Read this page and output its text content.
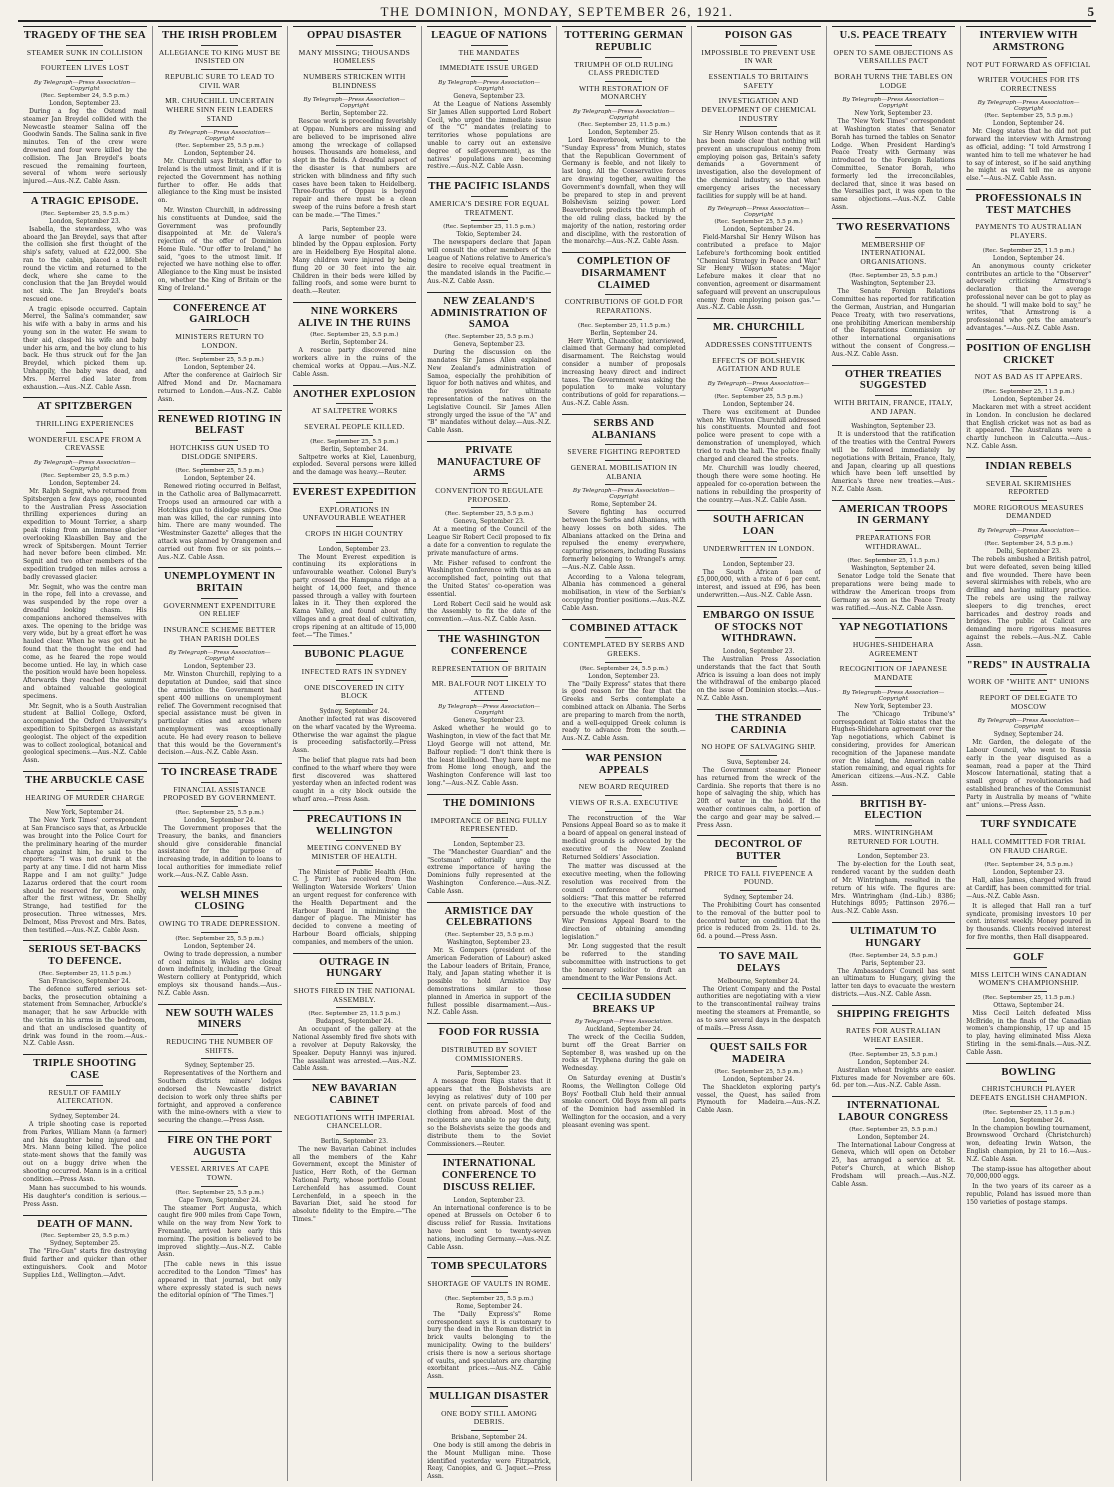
THE DOMINION, MONDAY, SEPTEMBER 26, 1921.	5
TRAGEDY OF THE SEA
STEAMER SUNK IN COLLISION
FOURTEEN LIVES LOST
By Telegraph—Press Association—Copyright
(Rec. September 24, 5.5 p.m.)
London, September 23.

During a fog the Ostend mail steamer Jan Breydel collided with the Newcastle steamer Salina off the Goodwin Sands. The Salina sank in five minutes. Ten of the crew were drowned and four were killed by the collision. The Jan Breydel's boats rescued the remaining fourteen, several of whom were seriously injured.—Aus.-N.Z. Cable Assn.

A TRAGIC EPISODE.
(Rec. September 25, 5.5 p.m.)
London, September 23.

Isabella, the stewardess, who was aboard the Jan Breydel, says that after the collision she first thought of the ship's safety, valued at £22,000. She ran to the cabin, placed a lifebelt round the victim and returned to the deck, where she came to the conclusion that the Jan Breydel would not sink. The Jan Breydel's boats rescued one.

A tragic episode occurred. Captain Merrel, the Salina's commander, saw his wife with a baby in arms and his young son in the water. He swam to their aid, clasped his wife and baby under his arm, and the boy clung to his back. He thus struck out for the Jan Breydel, which picked them up. Unhappily, the baby was dead, and Mrs. Merrel died later from exhaustion.—Aus.-N.Z. Cable Assn.

AT SPITZBERGEN
THRILLING EXPERIENCES
WONDERFUL ESCAPE FROM A CREVASSE
By Telegraph—Press Association—Copyright
(Rec. September 25, 5.5 p.m.)
London, September 24.

Mr. Ralph Segnit, who returned from Spitsbergen a few days ago, recounted to the Australian Press Association thrilling experiences during an expedition to Mount Terrier, a sharp peak rising from an immense glacier overlooking Klaasbillen Bay and the wreck of Spitsbergen. Mount Terrier had never before been climbed. Mr. Segnit and two other members of the expedition trudged ten miles across a badly crevassed glacier.

Mr. Segnit, who was the centre man in the rope, fell into a crevasse, and was suspended by the rope over a dreadful looking chasm. His companions anchored themselves with axes. The opening to the bridge was very wide, but by a great effort he was hauled clear. When he was got out he found that the thought the end had come, as he feared the rope would become untied. He lay, in which case the position would have been hopeless. Afterwards they reached the summit and obtained valuable geological specimens.

Mr. Segnit, who is a South Australian student at Balliol College, Oxford, accompanied the Oxford University's expedition to Spitsbergen as assistant geologist. The object of the expedition was to collect zoological, botanical and geological specimens.—Aus.-N.Z. Cable Assn.

THE ARBUCKLE CASE
HEARING OF MURDER CHARGE
New York, September 24.

The New York Times' correspondent at San Francisco says that, as Arbuckle was brought into the Police Court for the preliminary hearing of the murder charge against him, he said to the reporters: "I was not drunk at the party at any time. I did not harm Miss Rappe and I am not guilty." Judge Lazarus ordered that the court room should be reserved for women only, after the first witness, Dr. Shelby Strange, had testified for the prosecution. Three witnesses, Mrs. Delmont, Miss Prevost and Mrs. Bates, then testified.—Aus.-N.Z. Cable Assn.

SERIOUS SET-BACKS TO DEFENCE.
(Rec. September 25, 11.5 p.m.)
San Francisco, September 24.

The defence suffered serious set-backs, the prosecution obtaining a statement from Semnacher, Arbuckle's manager, that he saw Arbuckle with the victim in his arms in the bedroom, and that an undisclosed quantity of drink was found in the room.—Aus.-N.Z. Cable Assn.

TRIPLE SHOOTING CASE
RESULT OF FAMILY ALTERCATION.
Sydney, September 24.

A triple shooting case is reported from Parkes, William Mann (a farmer) and his daughter being injured and Mrs. Mann being killed. The police state-ment shows that the family was out on a buggy drive when the shooting occurred. Mann is in a critical condition.—Press Assn.

Mann has succumbed to his wounds. His daughter's condition is serious.—Press Assn.

DEATH OF MANN.
(Rec. September 25, 5.5 p.m.)
Sydney, September 25.

The "Fire-Gun" starts fire destroying fluid farther and quicker than other extinguishers. Cook and Motor Supplies Ltd., Wellington.—Advt.

THE IRISH PROBLEM
ALLEGIANCE TO KING MUST BE INSISTED ON
REPUBLIC SURE TO LEAD TO CIVIL WAR
MR. CHURCHILL UNCERTAIN WHERE SINN FEIN LEADERS STAND
By Telegraph—Press Association—Copyright
(Rec. September 25, 5.5 p.m.)
London, September 24.

Mr. Churchill says Britain's offer to Ireland is the utmost limit, and if it is rejected the Government has nothing further to offer. He adds that allegiance to the King must be insisted on.

Mr. Winston Churchill, in addressing his constituents at Dundee, said the Government was profoundly disappointed at Mr. de Valera's rejection of the offer of Dominion Home Rule. "Our offer to Ireland," he said, "goes to the utmost limit. If rejected we have nothing else to offer. Allegiance to the King must be insisted on, whether the King of Britain or the King of Ireland."

CONFERENCE AT GAIRLOCH
MINISTERS RETURN TO LONDON.
(Rec. September 25, 5.5 p.m.)
London, September 24.

After the conference at Gairloch Sir Alfred Mond and Dr. Macnamara returned to London.—Aus.-N.Z. Cable Assn.

RENEWED RIOTING IN BELFAST
HOTCHKISS GUN USED TO DISLODGE SNIPERS.
(Rec. September 25, 5.5 p.m.)
London, September 24.

Renewed rioting occurred in Belfast, in the Catholic area of Ballymacarrett. Troops used an armoured car with a Hotchkiss gun to dislodge snipers. One man was killed, the car running into him. There are many wounded. The "Westminster Gazette" alleges that the attack was planned by Orangemen and carried out from five or six points.—Aus.-N.Z. Cable Assn.

UNEMPLOYMENT IN BRITAIN
GOVERNMENT EXPENDITURE ON RELIEF
INSURANCE SCHEME BETTER THAN PARISH DOLES
By Telegraph—Press Association—Copyright
London, September 23.

Mr. Winston Churchill, replying to a deputation at Dundee, said that since the armistice the Government had spent 400 millions on unemployment relief. The Government recognised that special assistance must be given in particular cities and areas where unemployment was exceptionally acute. He had every reason to believe that this would be the Government's decision.—Aus.-N.Z. Cable Assn.

TO INCREASE TRADE
FINANCIAL ASSISTANCE PROPOSED BY GOVERNMENT.
(Rec. September 25, 5.5 p.m.)
London, September 24.

The Government proposes that the Treasury, the banks, and financiers should give considerable financial assistance for the purpose of increasing trade, in addition to loans to local authorities for immediate relief work.—Aus.-N.Z. Cable Assn.

WELSH MINES CLOSING
OWING TO TRADE DEPRESSION.
(Rec. September 25, 5.5 p.m.)
London, September 24.

Owing to trade depression, a number of coal mines in Wales are closing down indefinitely, including the Great Western colliery at Pontypridd, which employs six thousand hands.—Aus.-N.Z. Cable Assn.

NEW SOUTH WALES MINERS
REDUCING THE NUMBER OF SHIFTS.
Sydney, September 25.

Representatives of the Northern and Southern districts miners' lodges endorsed the Newcastle district decision to work only three shifts per fortnight, and approved a conference with the mine-owners with a view to securing the change.—Press Assn.

FIRE ON THE PORT AUGUSTA
VESSEL ARRIVES AT CAPE TOWN.
(Rec. September 25, 5.5 p.m.)
Cape Town, September 24.

The steamer Port Augusta, which caught fire 900 miles from Cape Town, while on the way from New York to Fremantle, arrived here early this morning. The position is believed to be improved slightly.—Aus.-N.Z. Cable Assn.

[The cable news in this issue accredited to the London "Times" has appeared in that journal, but only where expressly stated is such news the editorial opinion of "The Times."]

OPPAU DISASTER
MANY MISSING; THOUSANDS HOMELESS
NUMBERS STRICKEN WITH BLINDNESS
By Telegraph—Press Association—Copyright
Berlin, September 22.

Rescue work is proceeding feverishly at Oppau. Numbers are missing and are believed to be imprisoned alive among the wreckage of collapsed houses. Thousands are homeless, and slept in the fields. A dreadful aspect of the disaster is that numbers are stricken with blindness and fifty such cases have been taken to Heidelberg. Three-fourths of Oppau is beyond repair and there must be a clean sweep of the ruins before a fresh start can be made.—"The Times."

Paris, September 23.

A large number of people were blinded by the Oppau explosion. Forty are in Heidelberg Eye Hospital alone. Many children were injured by being flung 20 or 30 feet into the air. Children in their beds were killed by falling roofs, and some were burnt to death.—Reuter.

NINE WORKERS ALIVE IN THE RUINS
(Rec. September 25, 5.5 p.m.)
Berlin, September 24.

A rescue party discovered nine workers alive in the ruins of the chemical works at Oppau.—Aus.-N.Z. Cable Assn.

ANOTHER EXPLOSION
AT SALTPETRE WORKS
SEVERAL PEOPLE KILLED.
(Rec. September 25, 5.5 p.m.)
Berlin, September 24.

Saltpetre works at Kiel, Lauenburg, exploded. Several persons were killed and the damage was heavy.—Reuter.

EVEREST EXPEDITION
EXPLORATIONS IN UNFAVOURABLE WEATHER
CROPS IN HIGH COUNTRY
London, September 23.

The Mount Everest expedition is continuing its explorations in unfavourable weather. Colonel Bury's party crossed the Hampuna ridge at a height of 14,000 feet, and thence passed through a valley with fourteen lakes in it. They then explored the Kama Valley, and found about fifty villages and a great deal of cultivation, crops ripening at an altitude of 15,000 feet.—"The Times."

BUBONIC PLAGUE
INFECTED RATS IN SYDNEY
ONE DISCOVERED IN CITY BLOCK
Sydney, September 24.

Another infected rat was discovered on the wharf vacated by the Wyreema. Otherwise the war against the plague is proceeding satisfactorily.—Press Assn.

The belief that plague rats had been confined to the wharf where they were first discovered was shattered yesterday when an infected rodent was caught in a city block outside the wharf area.—Press Assn.

PRECAUTIONS IN WELLINGTON
MEETING CONVENED BY MINISTER OF HEALTH.

The Minister of Public Health (Hon. C. J. Parr) has received from the Wellington Waterside Workers' Union an urgent request for conference with the Health Department and the Harbour Board in minimising the danger of plague. The Minister has decided to convene a meeting of Harbour Board officials, shipping companies, and members of the union.

OUTRAGE IN HUNGARY
SHOTS FIRED IN THE NATIONAL ASSEMBLY.
(Rec. September 25, 11.5 p.m.)
Budapest, September 24.

An occupant of the gallery at the National Assembly fired five shots with a revolver at Deputy Rakovsky, the Speaker. Deputy Hannyi was injured. The assailant was arrested.—Aus.-N.Z. Cable Assn.

NEW BAVARIAN CABINET
NEGOTIATIONS WITH IMPERIAL CHANCELLOR.
Berlin, September 23.

The new Bavarian Cabinet includes all the members of the Kahr Government, except the Minister of Justice, Herr Roth, of the German National Party, whose portfolio Count Lerchenfeld has assumed. Count Lerchenfeld, in a speech in the Bavarian Diet, said he stood for absolute fidelity to the Empire.—"The Times."

LEAGUE OF NATIONS
THE MANDATES
IMMEDIATE ISSUE URGED
By Telegraph—Press Association—Copyright
Geneva, September 23.

At the League of Nations Assembly Sir James Allen supported Lord Robert Cecil, who urged the immediate issue of the "C" mandates (relating to territories whose populations are unable to carry out an extensive degree of self-government), as the natives' populations are becoming restive.—Aus.-N.Z. Cable Assn.

THE PACIFIC ISLANDS
AMERICA'S DESIRE FOR EQUAL TREATMENT.
(Rec. September 25, 11.5 p.m.)
Tokio, September 24.

The newspapers declare that Japan will consult the other members of the League of Nations relative to America's desire to receive equal treatment in the mandated islands in the Pacific.—Aus.-N.Z. Cable Assn.

NEW ZEALAND'S ADMINISTRATION OF SAMOA
(Rec. September 25, 5.5 p.m.)
Geneva, September 23.

During the discussion on the mandates Sir James Allen explained New Zealand's administration of Samoa, especially the prohibition of liquor for both natives and whites, and the provision for ultimate representation of the natives on the Legislative Council. Sir James Allen strongly urged the issue of the "A" and "B" mandates without delay.—Aus.-N.Z. Cable Assn.

PRIVATE MANUFACTURE OF ARMS
CONVENTION TO REGULATE PROPOSED.
(Rec. September 25, 5.5 p.m.)
Geneva, September 23.

At a meeting of the Council of the League Sir Robert Cecil proposed to fix a date for a convention to regulate the private manufacture of arms.

Mr. Fisher refused to confront the Washington Conference with this as an accomplished fact, pointing out that the United States' co-operation was essential.

Lord Robert Cecil said he would ask the Assembly to fix the date of the convention.—Aus.-N.Z. Cable Assn.

THE WASHINGTON CONFERENCE
REPRESENTATION OF BRITAIN
MR. BALFOUR NOT LIKELY TO ATTEND
By Telegraph—Press Association—Copyright
Geneva, September 23.

Asked whether he would go to Washington, in view of the fact that Mr. Lloyd George will not attend, Mr. Balfour replied: "I don't think there is the least likelihood. They have kept me from Home long enough, and the Washington Conference will last too long."—Aus.-N.Z. Cable Assn.

THE DOMINIONS
IMPORTANCE OF BEING FULLY REPRESENTED.
London, September 23.

The "Manchester Guardian" and the "Scotsman" editorially urge the extreme importance of having the Dominions fully represented at the Washington Conference.—Aus.-N.Z. Cable Assn.

ARMISTICE DAY CELEBRATIONS
(Rec. September 25, 5.5 p.m.)
Washington, September 23.

Mr. S. Gompers (president of the American Federation of Labour) asked the Labour leaders of Britain, France, Italy, and Japan stating whether it is possible to hold Armistice Day demonstrations similar to those planned in America in support of the fullest possible disarmament.—Aus.-N.Z. Cable Assn.

FOOD FOR RUSSIA
DISTRIBUTED BY SOVIET COMMISSIONERS.
Paris, September 23.

A message from Riga states that it appears that the Bolshevists are levying as relatives' duty of 100 per cent. on private parcels of food and clothing from abroad. Most of the recipients are unable to pay the duty, so the Bolshevists seize the goods and distribute them to the Soviet Commissioners.—Reuter.

INTERNATIONAL CONFERENCE TO DISCUSS RELIEF.
London, September 23.

An international conference is to be opened at Brussels on October 6 to discuss relief for Russia. Invitations have been sent to twenty-seven nations, including Germany.—Aus.-N.Z. Cable Assn.

TOMB SPECULATORS
SHORTAGE OF VAULTS IN ROME.
(Rec. September 25, 5.5 p.m.)
Rome, September 24.

The "Daily Express's" Rome correspondent says it is customary to bury the dead in the Roman district in brick vaults belonging to the municipality. Owing to the builders' crisis there is now a serious shortage of vaults, and speculators are charging exorbitant prices.—Aus.-N.Z. Cable Assn.

MULLIGAN DISASTER
ONE BODY STILL AMONG DEBRIS.
Brisbane, September 24.

One body is still among the debris in the Mount Mulligan mine. Those identified yesterday were Fitzpatrick, Reay, Canopies, and G. Jaquet.—Press Assn.

TOTTERING GERMAN REPUBLIC
TRIUMPH OF OLD RULING CLASS PREDICTED
WITH RESTORATION OF MONARCHY
By Telegraph—Press Association—Copyright
(Rec. September 25, 11.5 p.m.)
London, September 25.

Lord Beaverbrook, writing to the "Sunday Express" from Munich, states that the Republican Government of Germany is feeble, and not likely to last long. All the Conservative forces are drawing together, awaiting the Government's downfall, when they will be prepared to step in and prevent Bolshevism seizing power. Lord Beaverbrook predicts the triumph of the old ruling class, backed by the majority of the nation, restoring order and discipline, with the restoration of the monarchy.—Aus.-N.Z. Cable Assn.

COMPLETION OF DISARMAMENT CLAIMED
CONTRIBUTIONS OF GOLD FOR REPARATIONS.
(Rec. September 25, 11.5 p.m.)
Berlin, September 24.

Herr Wirth, Chancellor, interviewed, claimed that Germany had completed disarmament. The Reichstag would consider a number of proposals increasing heavy direct and indirect taxes. The Government was asking the population to make voluntary contributions of gold for reparations.—Aus.-N.Z. Cable Assn.

SERBS AND ALBANIANS
SEVERE FIGHTING REPORTED
GENERAL MOBILISATION IN ALBANIA
By Telegraph—Press Association—Copyright
Rome, September 24.

Severe fighting has occurred between the Serbs and Albanians, with heavy losses on both sides. The Albanians attacked on the Drina and repulsed the enemy everywhere, capturing prisoners, including Russians formerly belonging to Wrangel's army.—Aus.-N.Z. Cable Assn.

According to a Valona telegram, Albania has commenced a general mobilisation, in view of the Serbian's occupying frontier positions.—Aus.-N.Z. Cable Assn.

COMBINED ATTACK
CONTEMPLATED BY SERBS AND GREEKS.
(Rec. September 24, 5.5 p.m.)
London, September 23.

The "Daily Express" states that there is good reason for the fear that the Greeks and Serbs contemplate a combined attack on Albania. The Serbs are preparing to march from the north, and a well-equipped Greek column is ready to advance from the south.—Aus.-N.Z. Cable Assn.

WAR PENSION APPEALS
NEW BOARD REQUIRED
VIEWS OF R.S.A. EXECUTIVE

The reconstruction of the War Pensions Appeal Board so as to make it a board of appeal on general instead of medical grounds is advocated by the executive of the New Zealand Returned Soldiers' Association.

The matter was discussed at the executive meeting, when the following resolution was received from the council conference of returned soldiers: "That this matter be referred to the executive with instructions to persuade the whole question of the War Pensions Appeal Board to the direction of obtaining amending legislation."

Mr. Long suggested that the result be referred to the standing subcommittee with instructions to get the honorary solicitor to draft an amendment to the War Pensions Act.

CECILIA SUDDEN BREAKS UP
By Telegraph—Press Association.
Auckland, September 24.

The wreck of the Cecilia Sudden, burnt off the Great Barrier on September 8, was washed up on the rocks at Tryphena during the gale on Wednesday.

On Saturday evening at Dustin's Rooms, the Wellington College Old Boys' Football Club held their annual smoke concert. Old Boys from all parts of the Dominion had assembled in Wellington for the occasion, and a very pleasant evening was spent.

POISON GAS
IMPOSSIBLE TO PREVENT USE IN WAR
ESSENTIALS TO BRITAIN'S SAFETY
INVESTIGATION AND DEVELOPMENT OF CHEMICAL INDUSTRY

Sir Henry Wilson contends that as it has been made clear that nothing will prevent an unscrupulous enemy from employing poison gas, Britain's safety demands a Government of investigation, also the development of the chemical industry, so that when emergency arises the necessary facilities for supply will be at hand.

By Telegraph—Press Association—Copyright
(Rec. September 25, 5.5 p.m.)
London, September 24.

Field-Marshal Sir Henry Wilson has contributed a preface to Major Lefebure's forthcoming book entitled "Chemical Strategy in Peace and War." Sir Henry Wilson states: "Major Lefebure makes it clear that no convention, agreement or disarmament safeguard will prevent an unscrupulous enemy from employing poison gas."—Aus.-N.Z. Cable Assn.

MR. CHURCHILL
ADDRESSES CONSTITUENTS
EFFECTS OF BOLSHEVIK AGITATION AND RULE
By Telegraph—Press Association—Copyright
(Rec. September 25, 5.5 p.m.)
London, September 24.

There was excitement at Dundee when Mr. Winston Churchill addressed his constituents. Mounted and foot police were present to cope with a demonstration of unemployed, which tried to rush the hall. The police finally charged and cleared the streets.

Mr. Churchill was loudly cheered, though there were some hooting. He appealed for co-operation between the nations in rebuilding the prosperity of the country.—Aus.-N.Z. Cable Assn.

SOUTH AFRICAN LOAN
UNDERWRITTEN IN LONDON.
London, September 23.

The South African loan of £5,000,000, with a rate of 6 per cent. interest, and issued at £96, has been underwritten.—Aus.-N.Z. Cable Assn.

EMBARGO ON ISSUE OF STOCKS NOT WITHDRAWN.
London, September 23.

The Australian Press Association understands that the fact that South Africa is issuing a loan does not imply the withdrawal of the embargo placed on the issue of Dominion stocks.—Aus.-N.Z. Cable Assn.

THE STRANDED CARDINIA
NO HOPE OF SALVAGING SHIP.
Suva, September 24.

The Government steamer Pioneer has returned from the wreck of the Cardinia. She reports that there is no hope of salvaging the ship, which has 20ft of water in the hold. If the weather continues calm, a portion of the cargo and gear may be salved.—Press Assn.

DECONTROL OF BUTTER
PRICE TO FALL FIVEPENCE A POUND.
Sydney, September 24.

The Prohibiting Court has consented to the removal of the butter pool to decontrol butter, on condition that the price is reduced from 2s. 11d. to 2s. 6d. a pound.—Press Assn.

TO SAVE MAIL DELAYS
Melbourne, September 24.

The Orient Company and the Postal authorities are negotiating with a view to the transcontinental railway trains meeting the steamers at Fremantle, so as to save several days in the despatch of mails.—Press Assn.

QUEST SAILS FOR MADEIRA
(Rec. September 25, 5.5 p.m.)
London, September 24.

The Shackleton exploring party's vessel, the Quest, has sailed from Plymouth for Madeira.—Aus.-N.Z. Cable Assn.

U.S. PEACE TREATY
OPEN TO SAME OBJECTIONS AS VERSAILLES PACT
BORAH TURNS THE TABLES ON LODGE
By Telegraph—Press Association—Copyright
New York, September 23.

The "New York Times" correspondent at Washington states that Senator Borah has turned the tables on Senator Lodge. When President Harding's Peace Treaty with Germany was introduced to the Foreign Relations Committee, Senator Borah, who formerly led the irreconcilables, declared that, since it was based on the Versailles pact, it was open to the same objections.—Aus.-N.Z. Cable Assn.

TWO RESERVATIONS
MEMBERSHIP OF INTERNATIONAL ORGANISATIONS.
(Rec. September 25, 5.5 p.m.)
Washington, September 23.

The Senate Foreign Relations Committee has reported for ratification the German, Austrian, and Hungarian Peace Treaty, with two reservations, one prohibiting American membership of the Reparations Commission or other international organisations without the consent of Congress.—Aus.-N.Z. Cable Assn.

OTHER TREATIES SUGGESTED
WITH BRITAIN, FRANCE, ITALY, AND JAPAN.
Washington, September 23.

It is understood that the ratification of the treaties with the Central Powers will be followed immediately by negotiations with Britain, France, Italy, and Japan, clearing up all questions which have been left unsettled by America's three new treaties.—Aus.-N.Z. Cable Assn.

AMERICAN TROOPS IN GERMANY
PREPARATIONS FOR WITHDRAWAL.
(Rec. September 25, 11.5 p.m.)
Washington, September 24.

Senator Lodge told the Senate that preparations were being made to withdraw the American troops from Germany as soon as the Peace Treaty was ratified.—Aus.-N.Z. Cable Assn.

YAP NEGOTIATIONS
HUGHES-SHIDEHARA AGREEMENT
RECOGNITION OF JAPANESE MANDATE
By Telegraph—Press Association—Copyright
New York, September 23.

The "Chicago Tribune's" correspondent at Tokio states that the Hughes-Shidehara agreement over the Yap negotiations, which Cabinet is considering, provides for American recognition of the Japanese mandate over the island, the American cable station remaining, and equal rights for American citizens.—Aus.-N.Z. Cable Assn.

BRITISH BY-ELECTION
MRS. WINTRINGHAM RETURNED FOR LOUTH.
London, September 23.

The by-election for the Louth seat, rendered vacant by the sudden death of Mr. Wintringham, resulted in the return of his wife. The figures are: Mrs. Wintringham (Ind.-Lib.) 8386; Hutchings 8095; Pattinson 2976.—Aus.-N.Z. Cable Assn.

ULTIMATUM TO HUNGARY
(Rec. September 24, 5.5 p.m.)
Paris, September 23.

The Ambassadors' Council has sent an ultimatum to Hungary, giving the latter ten days to evacuate the western districts.—Aus.-N.Z. Cable Assn.

SHIPPING FREIGHTS
RATES FOR AUSTRALIAN WHEAT EASIER.
(Rec. September 25, 5.5 p.m.)
London, September 24.

Australian wheat freights are easier. Fixtures made for November are 60s. 6d. per ton.—Aus.-N.Z. Cable Assn.

INTERNATIONAL LABOUR CONGRESS
(Rec. September 25, 5.5 p.m.)
London, September 24.

The International Labour Congress at Geneva, which will open on October 25, has arranged a service at St. Peter's Church, at which Bishop Frodsham will preach.—Aus.-N.Z. Cable Assn.

INTERVIEW WITH ARMSTRONG
NOT PUT FORWARD AS OFFICIAL
WRITER VOUCHES FOR ITS CORRECTNESS
By Telegraph—Press Association—Copyright
(Rec. September 25, 5.5 p.m.)
London, September 24.

Mr. Clegg states that he did not put forward the interview with Armstrong as official, adding: "I told Armstrong I wanted him to tell me whatever he had to say of interest, so if he said anything he might as well tell me as anyone else."—Aus.-N.Z. Cable Assn.

PROFESSIONALS IN TEST MATCHES
PAYMENTS TO AUSTRALIAN PLAYERS.
(Rec. September 25, 11.5 p.m.)
London, September 24.

An anonymous county cricketer contributes an article to the "Observer" adversely criticising Armstrong's declaration that the average professional never can be got to play as he should. "I will make bold to say," he writes, "that Armstrong is a professional who gets the amateur's advantages."—Aus.-N.Z. Cable Assn.

POSITION OF ENGLISH CRICKET
NOT AS BAD AS IT APPEARS.
(Rec. September 25, 11.5 p.m.)
London, September 24.

Mackaren met with a street accident in London. In conclusion he declared that English cricket was not as bad as it appeared. The Australians were a chartly luncheon in Calcutta.—Aus.-N.Z. Cable Assn.

INDIAN REBELS
SEVERAL SKIRMISHES REPORTED
MORE RIGOROUS MEASURES DEMANDED
By Telegraph—Press Association—Copyright
(Rec. September 24, 5.5 p.m.)
Delhi, September 23.

The rebels ambushed a British patrol, but were defeated, seven being killed and five wounded. There have been several skirmishes with rebels, who are drilling and having military practice. The rebels are using the railway sleepers to dig trenches, erect barricades and destroy roads and bridges. The public at Calicut are demanding more rigorous measures against the rebels.—Aus.-N.Z. Cable Assn.

"REDS" IN AUSTRALIA
WORK OF "WHITE ANT" UNIONS
REPORT OF DELEGATE TO MOSCOW
By Telegraph—Press Association—Copyright
Sydney, September 24.

Mr. Garden, the delegate of the Labour Council, who went to Russia early in the year disguised as a seaman, read a paper at the Third Moscow International, stating that a small group of revolutionaries had established branches of the Communist Party in Australia by means of "white ant" unions.—Press Assn.

TURF SYNDICATE
HALL COMMITTED FOR TRIAL ON FRAUD CHARGE.
(Rec. September 24, 5.5 p.m.)
London, September 23.

Hall, alias James, charged with fraud at Cardiff, has been committed for trial.—Aus.-N.Z. Cable Assn.

It is alleged that Hall ran a turf syndicate, promising investors 10 per cent. interest weekly. Money poured in by thousands. Clients received interest for five months, then Hall disappeared.

GOLF
MISS LEITCH WINS CANADIAN WOMEN'S CHAMPIONSHIP.
(Rec. September 25, 11.5 p.m.)
Ottawa, September 24.

Miss Cecil Leitch defeated Miss McBride, in the finals of the Canadian women's championship, 17 up and 15 to play, having eliminated Miss Alexa Stirling in the semi-finals.—Aus.-N.Z. Cable Assn.

BOWLING
CHRISTCHURCH PLAYER DEFEATS ENGLISH CHAMPION.
(Rec. September 25, 11.5 p.m.)
London, September 24.

In the champion bowling tournament, Brownswood Orchard (Christchurch) won, defeating Irwin Watson, the English champion, by 21 to 16.—Aus.-N.Z. Cable Assn.

The stamp-issue has altogether about 70,000,000 eggs.

In the two years of its career as a republic, Poland has issued more than 150 varieties of postage stamps.
